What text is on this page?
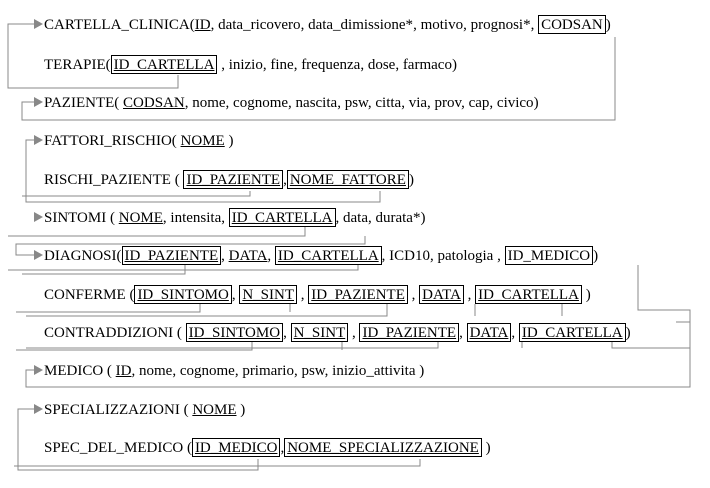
CARTELLA_CLINICA(ID, data_ricovero, data_dimissione*, motivo, prognosi*, CODSAN )
TERAPIE( ID_CARTELLA , inizio, fine, frequenza, dose, farmaco)
PAZIENTE( CODSAN, nome, cognome, nascita, psw, citta, via, prov, cap, civico)
FATTORI_RISCHIO( NOME )
RISCHI_PAZIENTE ( ID_PAZIENTE , NOME_FATTORE )
SINTOMI ( NOME, intensita, ID_CARTELLA , data, durata*)
DIAGNOSI( ID_PAZIENTE , DATA, ID_CARTELLA , ICD10, patologia , ID_MEDICO )
CONFERME ( ID_SINTOMO , N_SINT , ID_PAZIENTE , DATA , ID_CARTELLA )
CONTRADDIZIONI ( ID_SINTOMO , N_SINT , ID_PAZIENTE , DATA , ID_CARTELLA )
MEDICO ( ID, nome, cognome, primario, psw, inizio_attivita )
SPECIALIZZAZIONI ( NOME )
SPEC_DEL_MEDICO ( ID_MEDICO , NOME_SPECIALIZZAZIONE )
